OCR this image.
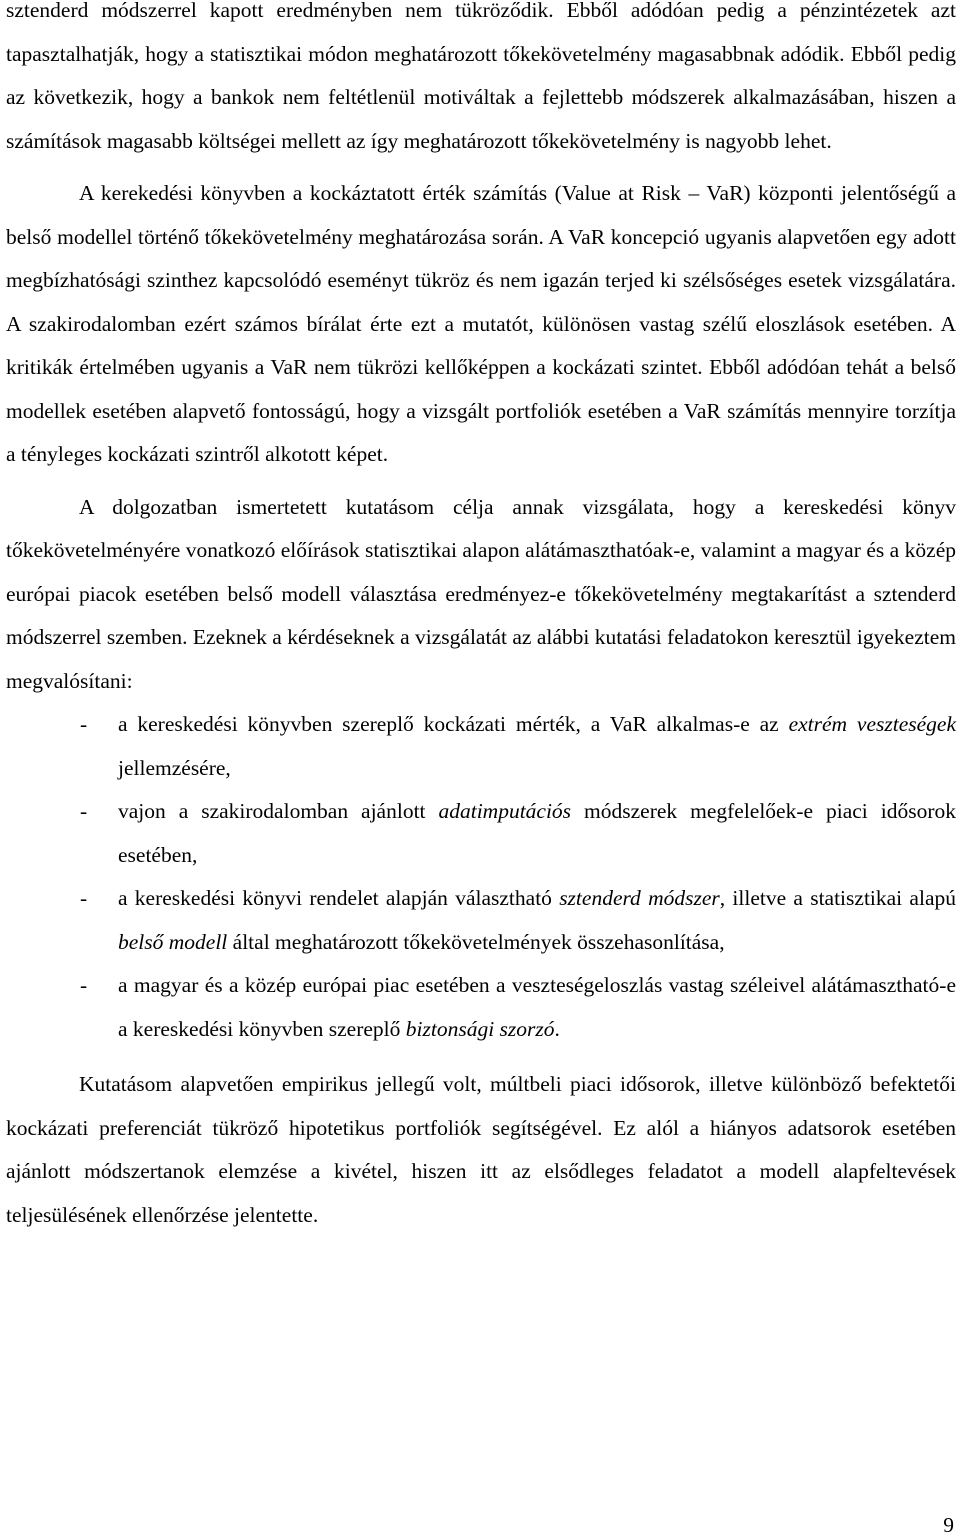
sztenderd módszerrel kapott eredményben nem tükröződik. Ebből adódóan pedig a pénzintézetek azt tapasztalhatják, hogy a statisztikai módon meghatározott tőkekövetelmény magasabbnak adódik. Ebből pedig az következik, hogy a bankok nem feltétlenül motiváltak a fejlettebb módszerek alkalmazásában, hiszen a számítások magasabb költségei mellett az így meghatározott tőkekövetelmény is nagyobb lehet.

A kerekedési könyvben a kockáztatott érték számítás (Value at Risk – VaR) központi jelentőségű a belső modellel történő tőkekövetelmény meghatározása során. A VaR koncepció ugyanis alapvetően egy adott megbízhatósági szinthez kapcsolódó eseményt tükröz és nem igazán terjed ki szélsőséges esetek vizsgálatára. A szakirodalomban ezért számos bírálat érte ezt a mutatót, különösen vastag szélű eloszlások esetében. A kritikák értelmében ugyanis a VaR nem tükrözi kellőképpen a kockázati szintet. Ebből adódóan tehát a belső modellek esetében alapvető fontosságú, hogy a vizsgált portfoliók esetében a VaR számítás mennyire torzítja a tényleges kockázati szintről alkotott képet.

A dolgozatban ismertetett kutatásom célja annak vizsgálata, hogy a kereskedési könyv tőkekövetelményére vonatkozó előírások statisztikai alapon alátámaszthatóak-e, valamint a magyar és a közép európai piacok esetében belső modell választása eredményez-e tőkekövetelmény megtakarítást a sztenderd módszerrel szemben. Ezeknek a kérdéseknek a vizsgálatát az alábbi kutatási feladatokon keresztül igyekeztem megvalósítani:

- a kereskedési könyvben szereplő kockázati mérték, a VaR alkalmas-e az extrém veszteségek jellemzésére,
- vajon a szakirodalomban ajánlott adatimputációs módszerek megfelelőek-e piaci idősorok esetében,
- a kereskedési könyvi rendelet alapján választható sztenderd módszer, illetve a statisztikai alapú belső modell által meghatározott tőkekövetelmények összehasonlítása,
- a magyar és a közép európai piac esetében a veszteségeloszlás vastag széleivel alátámasztható-e a kereskedési könyvben szereplő biztonsági szorzó.

Kutatásom alapvetően empirikus jellegű volt, múltbeli piaci idősorok, illetve különböző befektetői kockázati preferenciát tükröző hipotetikus portfoliók segítségével. Ez alól a hiányos adatsorok esetében ajánlott módszertanok elemzése a kivétel, hiszen itt az elsődleges feladatot a modell alapfeltevések teljesülésének ellenőrzése jelentette.

9
